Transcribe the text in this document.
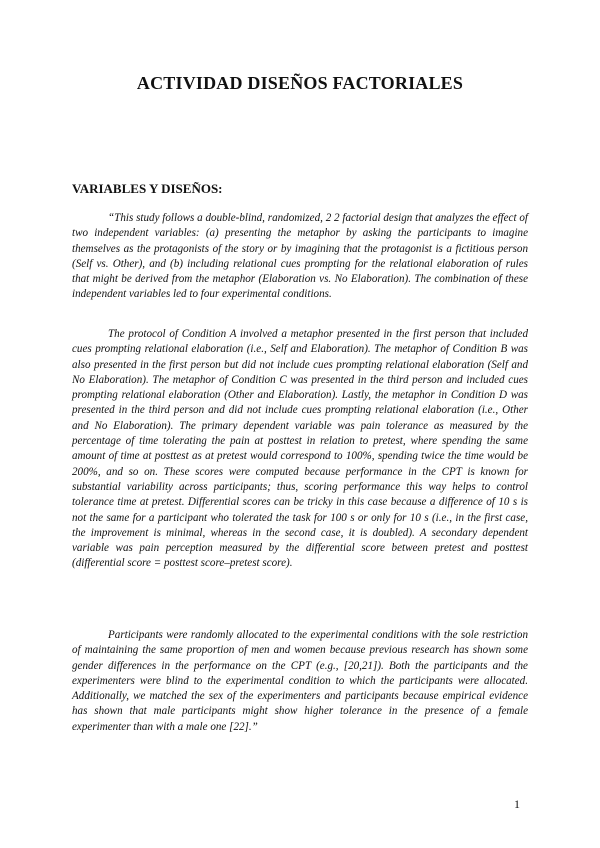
ACTIVIDAD DISEÑOS FACTORIALES
VARIABLES Y DISEÑOS:

“This study follows a double-blind, randomized, 2 2 factorial design that analyzes the effect of two independent variables: (a) presenting the metaphor by asking the participants to imagine themselves as the protagonists of the story or by imagining that the protagonist is a fictitious person (Self vs. Other), and (b) including relational cues prompting for the relational elaboration of rules that might be derived from the metaphor (Elaboration vs. No Elaboration). The combination of these independent variables led to four experimental conditions.

The protocol of Condition A involved a metaphor presented in the first person that included cues prompting relational elaboration (i.e., Self and Elaboration). The metaphor of Condition B was also presented in the first person but did not include cues prompting relational elaboration (Self and No Elaboration). The metaphor of Condition C was presented in the third person and included cues prompting relational elaboration (Other and Elaboration). Lastly, the metaphor in Condition D was presented in the third person and did not include cues prompting relational elaboration (i.e., Other and No Elaboration). The primary dependent variable was pain tolerance as measured by the percentage of time tolerating the pain at posttest in relation to pretest, where spending the same amount of time at posttest as at pretest would correspond to 100%, spending twice the time would be 200%, and so on. These scores were computed because performance in the CPT is known for substantial variability across participants; thus, scoring performance this way helps to control tolerance time at pretest. Differential scores can be tricky in this case because a difference of 10 s is not the same for a participant who tolerated the task for 100 s or only for 10 s (i.e., in the first case, the improvement is minimal, whereas in the second case, it is doubled). A secondary dependent variable was pain perception measured by the differential score between pretest and posttest (differential score = posttest score–pretest score).

Participants were randomly allocated to the experimental conditions with the sole restriction of maintaining the same proportion of men and women because previous research has shown some gender differences in the performance on the CPT (e.g., [20,21]). Both the participants and the experimenters were blind to the experimental condition to which the participants were allocated. Additionally, we matched the sex of the experimenters and participants because empirical evidence has shown that male participants might show higher tolerance in the presence of a female experimenter than with a male one [22].”

1
